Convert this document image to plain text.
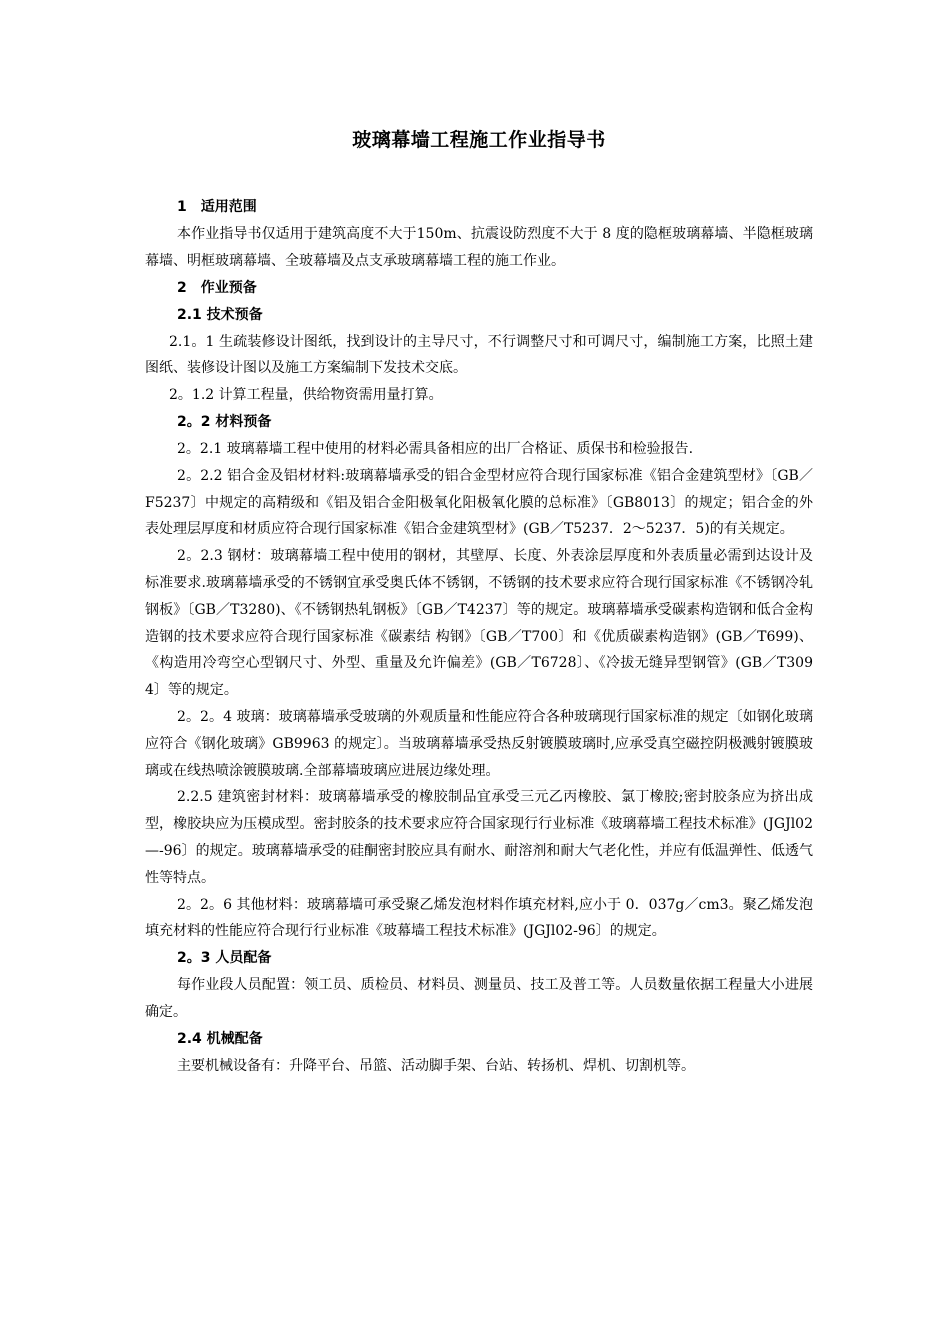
玻璃幕墙工程施工作业指导书
1　适用范围

本作业指导书仅适用于建筑高度不大于150m、抗震设防烈度不大于 8 度的隐框玻璃幕墙、半隐框玻璃幕墙、明框玻璃幕墙、全玻幕墙及点支承玻璃幕墙工程的施工作业。

2　作业预备
2.1 技术预备

2.1。1 生疏装修设计图纸，找到设计的主导尺寸，不行调整尺寸和可调尺寸，编制施工方案，比照土建图纸、装修设计图以及施工方案编制下发技术交底。

2。1.2 计算工程量，供给物资需用量打算。

2。2 材料预备

2。2.1 玻璃幕墙工程中使用的材料必需具备相应的出厂合格证、质保书和检验报告.

2。2.2 铝合金及铝材材料:玻璃幕墙承受的铝合金型材应符合现行国家标准《铝合金建筑型材》〔GB／F5237〕中规定的高精级和《铝及铝合金阳极氧化阳极氧化膜的总标准》〔GB8013〕的规定；铝合金的外表处理层厚度和材质应符合现行国家标准《铝合金建筑型材》(GB／T5237．2～5237．5)的有关规定。

2。2.3 钢材：玻璃幕墙工程中使用的钢材，其壁厚、长度、外表涂层厚度和外表质量必需到达设计及标准要求.玻璃幕墙承受的不锈钢宜承受奥氏体不锈钢，不锈钢的技术要求应符合现行国家标准《不锈钢冷轧钢板》〔GB／T3280)、《不锈钢热轧钢板》〔GB／T4237〕等的规定。玻璃幕墙承受碳素构造钢和低合金构造钢的技术要求应符合现行国家标准《碳素结 构钢》〔GB／T700〕和《优质碳素构造钢》(GB／T699)、《构造用冷弯空心型钢尺寸、外型、重量及允许偏差》(GB／T6728〕、《冷拔无缝异型钢管》(GB／T3094〕等的规定。

2。2。4 玻璃：玻璃幕墙承受玻璃的外观质量和性能应符合各种玻璃现行国家标准的规定〔如钢化玻璃应符合《钢化玻璃》GB9963 的规定〕。当玻璃幕墙承受热反射镀膜玻璃时,应承受真空磁控阴极溅射镀膜玻璃或在线热喷涂镀膜玻璃.全部幕墙玻璃应进展边缘处理。

2.2.5 建筑密封材料：玻璃幕墙承受的橡胶制品宜承受三元乙丙橡胶、氯丁橡胶;密封胶条应为挤出成型，橡胶块应为压模成型。密封胶条的技术要求应符合国家现行行业标准《玻璃幕墙工程技术标准》(JGJl02—-96〕的规定。玻璃幕墙承受的硅酮密封胶应具有耐水、耐溶剂和耐大气老化性，并应有低温弹性、低透气性等特点。

2。2。6 其他材料：玻璃幕墙可承受聚乙烯发泡材料作填充材料,应小于 0．037g／cm3。聚乙烯发泡填充材料的性能应符合现行行业标准《玻幕墙工程技术标准》(JGJl02-96〕的规定。

2。3 人员配备

每作业段人员配置：领工员、质检员、材料员、测量员、技工及普工等。人员数量依据工程量大小进展确定。

2.4 机械配备

主要机械设备有：升降平台、吊篮、活动脚手架、台站、转扬机、焊机、切割机等。
